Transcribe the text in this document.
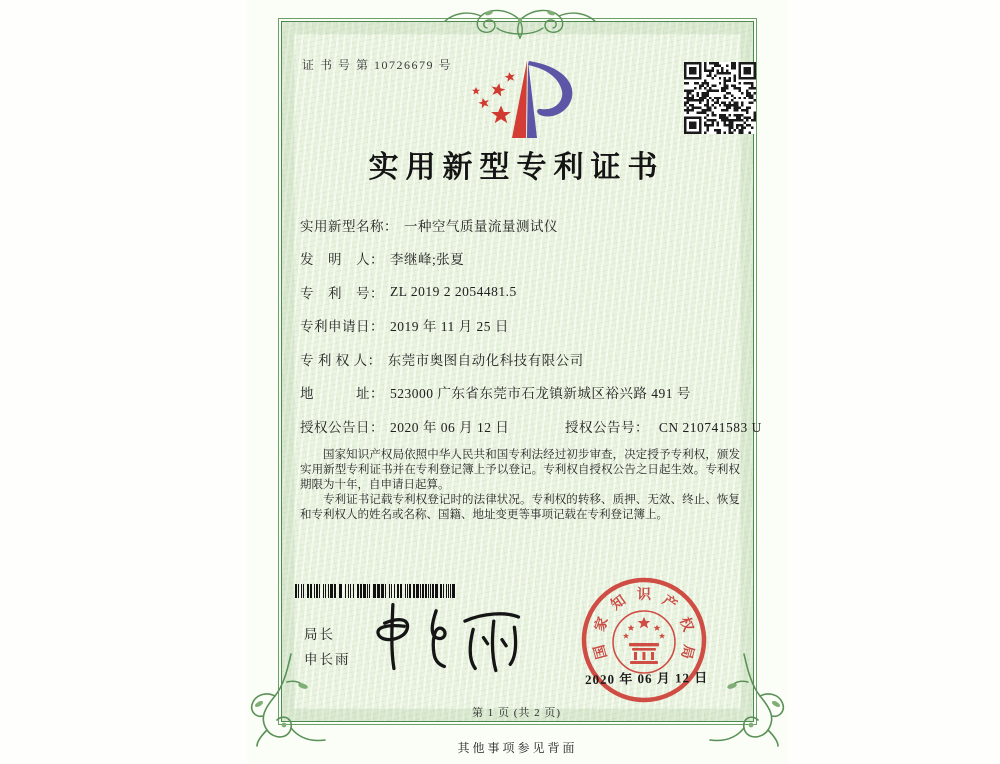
证 书 号 第 10726679 号
实用新型专利证书
实用新型名称： 一种空气质量流量测试仪
发　明　人： 李继峰;张夏
专　利　号： ZL 2019 2 2054481.5
专利申请日： 2019 年 11 月 25 日
专 利 权 人： 东莞市奥图自动化科技有限公司
地　　　址： 523000 广东省东莞市石龙镇新城区裕兴路 491 号
授权公告日： 2020 年 06 月 12 日	授权公告号： CN 210741583 U

国家知识产权局依照中华人民共和国专利法经过初步审查，决定授予专利权，颁发实用新型专利证书并在专利登记簿上予以登记。专利权自授权公告之日起生效。专利权期限为十年，自申请日起算。

专利证书记载专利权登记时的法律状况。专利权的转移、质押、无效、终止、恢复和专利权人的姓名或名称、国籍、地址变更等事项记载在专利登记簿上。

局长
申长雨	国
家
知 识 产
权
局
2020 年 06 月 12 日
第 1 页 (共 2 页)
其他事项参见背面
